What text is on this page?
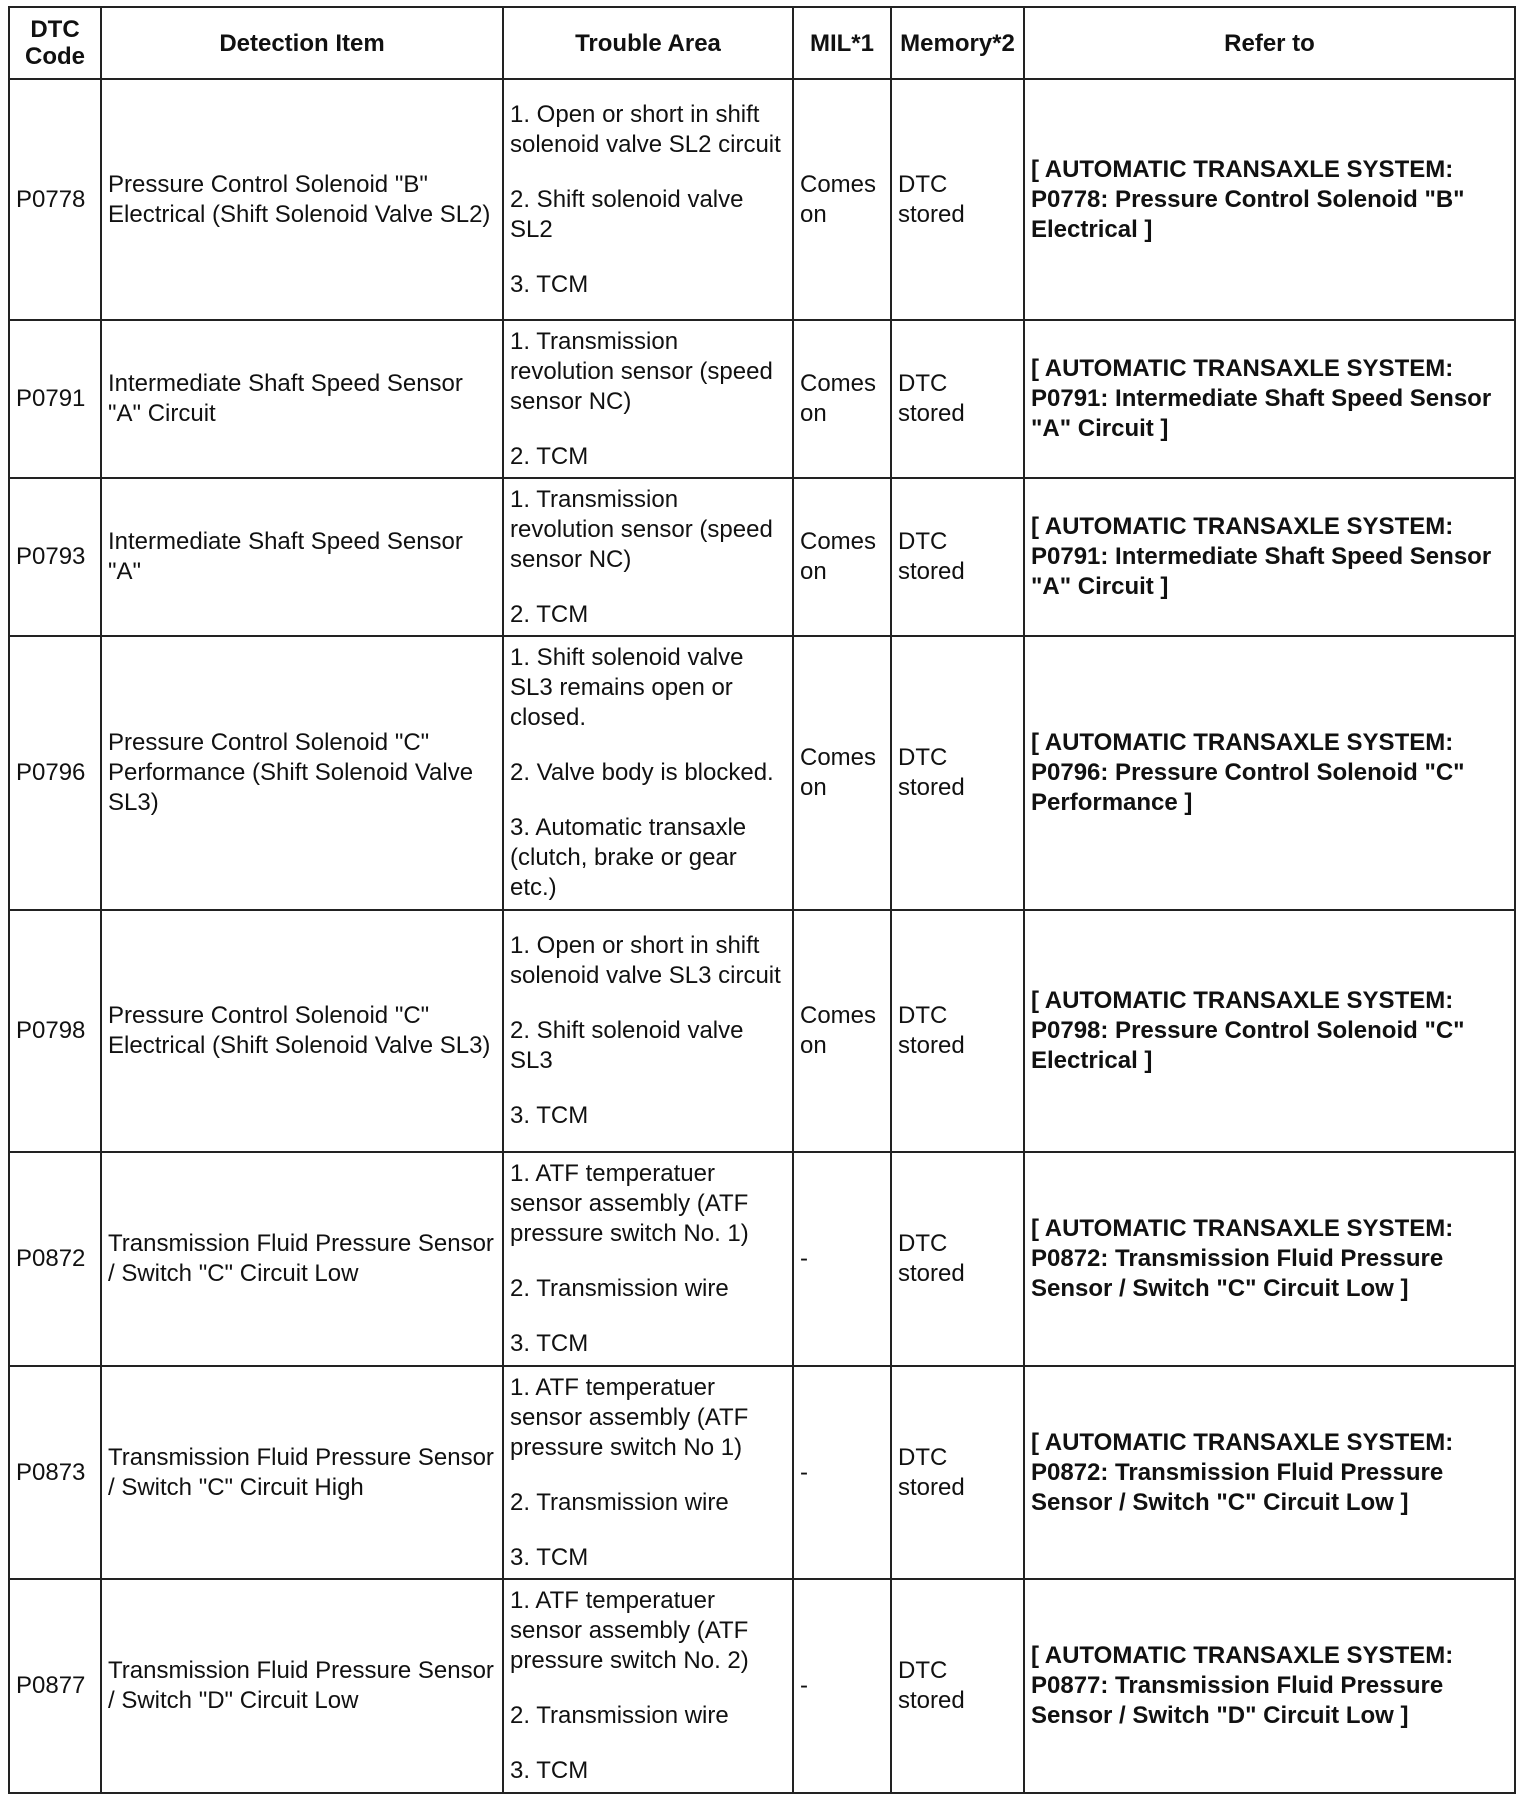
DTC Code	Detection Item	Trouble Area	MIL*1	Memory*2	Refer to
P0778	Pressure Control Solenoid "B" Electrical (Shift Solenoid Valve SL2)	1. Open or short in shift solenoid valve SL2 circuit

2. Shift solenoid valve SL2

3. TCM	Comes on	DTC stored	[ AUTOMATIC TRANSAXLE SYSTEM: P0778: Pressure Control Solenoid "B" Electrical ]
P0791	Intermediate Shaft Speed Sensor "A" Circuit	1. Transmission revolution sensor (speed sensor NC)

2. TCM	Comes on	DTC stored	[ AUTOMATIC TRANSAXLE SYSTEM: P0791: Intermediate Shaft Speed Sensor "A" Circuit ]
P0793	Intermediate Shaft Speed Sensor "A"	1. Transmission revolution sensor (speed sensor NC)

2. TCM	Comes on	DTC stored	[ AUTOMATIC TRANSAXLE SYSTEM: P0791: Intermediate Shaft Speed Sensor "A" Circuit ]
P0796	Pressure Control Solenoid "C" Performance (Shift Solenoid Valve SL3)	1. Shift solenoid valve SL3 remains open or closed.

2. Valve body is blocked.

3. Automatic transaxle (clutch, brake or gear etc.)	Comes on	DTC stored	[ AUTOMATIC TRANSAXLE SYSTEM: P0796: Pressure Control Solenoid "C" Performance ]
P0798	Pressure Control Solenoid "C" Electrical (Shift Solenoid Valve SL3)	1. Open or short in shift solenoid valve SL3 circuit

2. Shift solenoid valve SL3

3. TCM	Comes on	DTC stored	[ AUTOMATIC TRANSAXLE SYSTEM: P0798: Pressure Control Solenoid "C" Electrical ]
P0872	Transmission Fluid Pressure Sensor / Switch "C" Circuit Low	1. ATF temperatuer sensor assembly (ATF pressure switch No. 1)

2. Transmission wire

3. TCM	-	DTC stored	[ AUTOMATIC TRANSAXLE SYSTEM: P0872: Transmission Fluid Pressure Sensor / Switch "C" Circuit Low ]
P0873	Transmission Fluid Pressure Sensor / Switch "C" Circuit High	1. ATF temperatuer sensor assembly (ATF pressure switch No 1)

2. Transmission wire

3. TCM	-	DTC stored	[ AUTOMATIC TRANSAXLE SYSTEM: P0872: Transmission Fluid Pressure Sensor / Switch "C" Circuit Low ]
P0877	Transmission Fluid Pressure Sensor / Switch "D" Circuit Low	1. ATF temperatuer sensor assembly (ATF pressure switch No. 2)

2. Transmission wire

3. TCM	-	DTC stored	[ AUTOMATIC TRANSAXLE SYSTEM: P0877: Transmission Fluid Pressure Sensor / Switch "D" Circuit Low ]
